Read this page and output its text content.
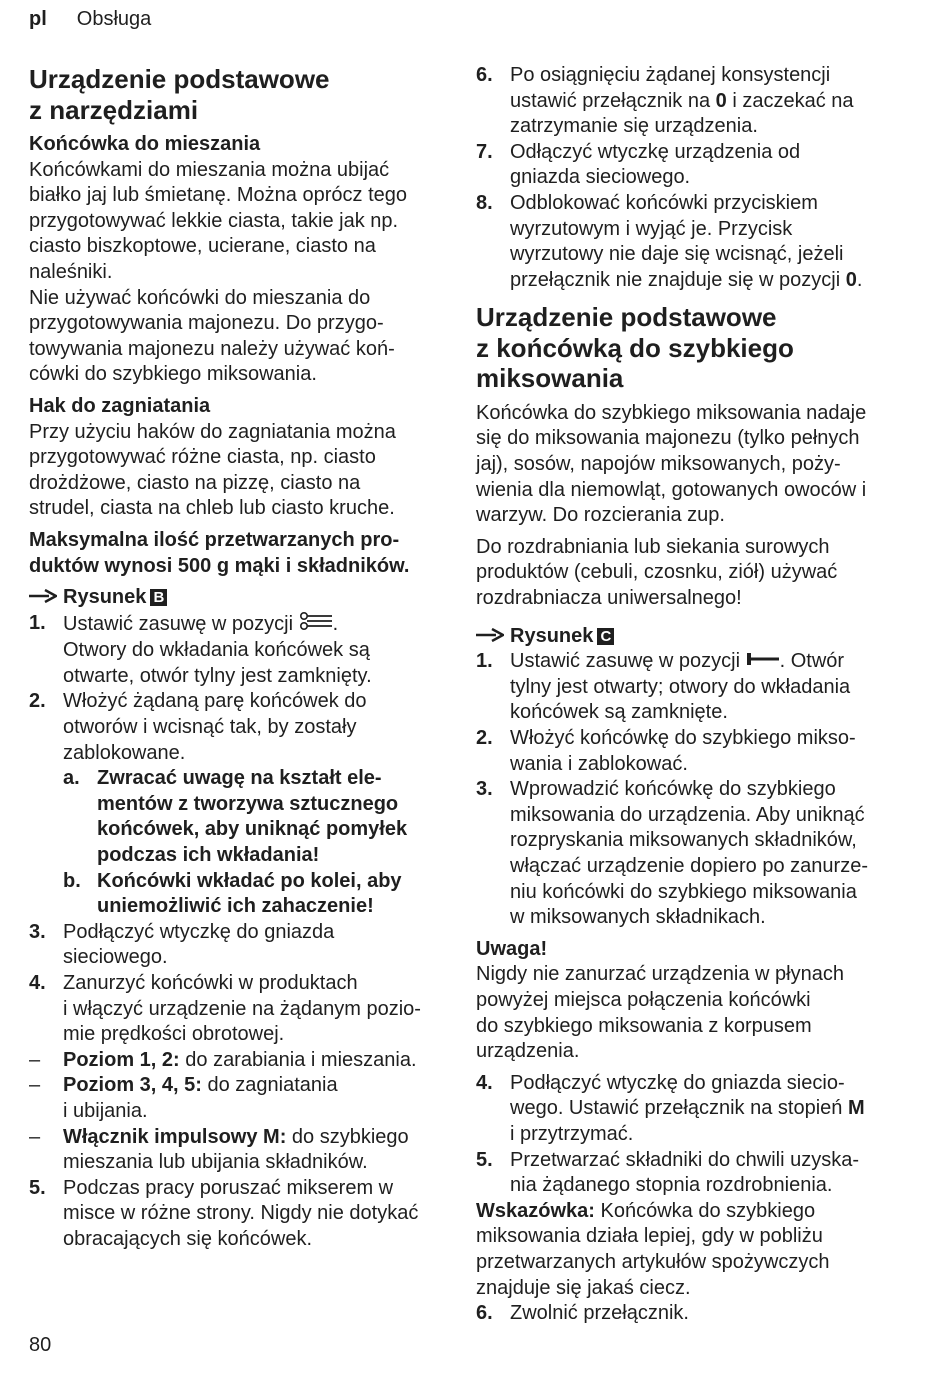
pl Obsługa
Urządzenie podstawowe
z narzędziami
Końcówka do mieszania

Końcówkami do mieszania można ubijać
białko jaj lub śmietanę. Można oprócz tego
przygotowywać lekkie ciasta, takie jak np.
ciasto biszkoptowe, ucierane, ciasto na
naleśniki.

Nie używać końcówki do mieszania do
przygotowywania majonezu. Do przygo-
towywania majonezu należy używać koń-
cówki do szybkiego miksowania.

Hak do zagniatania

Przy użyciu haków do zagniatania można
przygotowywać różne ciasta, np. ciasto
drożdżowe, ciasto na pizzę, ciasto na
strudel, ciasta na chleb lub ciasto kruche.

Maksymalna ilość przetwarzanych pro-
duktów wynosi 500 g mąki i składników.

Rysunek B
1. Ustawić zasuwę w pozycji .
Otwory do wkładania końcówek są
otwarte, otwór tylny jest zamknięty.
2. Włożyć żądaną parę końcówek do
otworów i wcisnąć tak, by zostały
zablokowane.
a. Zwracać uwagę na kształt ele-
mentów z tworzywa sztucznego
końcówek, aby uniknąć pomyłek
podczas ich wkładania!
b. Końcówki wkładać po kolei, aby
uniemożliwić ich zahaczenie!
3. Podłączyć wtyczkę do gniazda
sieciowego.
4. Zanurzyć końcówki w produktach
i włączyć urządzenie na żądanym pozio-
mie prędkości obrotowej.
–	Poziom 1, 2: do zarabiania i mieszania.
–	Poziom 3, 4, 5: do zagniatania
i ubijania.
–	Włącznik impulsowy M: do szybkiego
mieszania lub ubijania składników.
5. Podczas pracy poruszać mikserem w
misce w różne strony. Nigdy nie dotykać
obracających się końcówek.
6. Po osiągnięciu żądanej konsystencji
ustawić przełącznik na 0 i zaczekać na
zatrzymanie się urządzenia.
7. Odłączyć wtyczkę urządzenia od
gniazda sieciowego.
8. Odblokować końcówki przyciskiem
wyrzutowym i wyjąć je. Przycisk
wyrzutowy nie daje się wcisnąć, jeżeli
przełącznik nie znajduje się w pozycji 0.
Urządzenie podstawowe
z końcówką do szybkiego
miksowania

Końcówka do szybkiego miksowania nadaje
się do miksowania majonezu (tylko pełnych
jaj), sosów, napojów miksowanych, poży-
wienia dla niemowląt, gotowanych owoców i
warzyw. Do rozcierania zup.

Do rozdrabniania lub siekania surowych
produktów (cebuli, czosnku, ziół) używać
rozdrabniacza uniwersalnego!

Rysunek C
1. Ustawić zasuwę w pozycji . Otwór
tylny jest otwarty; otwory do wkładania
końcówek są zamknięte.
2. Włożyć końcówkę do szybkiego mikso-
wania i zablokować.
3. Wprowadzić końcówkę do szybkiego
miksowania do urządzenia. Aby uniknąć
rozpryskania miksowanych składników,
włączać urządzenie dopiero po zanurze-
niu końcówki do szybkiego miksowania
w miksowanych składnikach.
Uwaga!

Nigdy nie zanurzać urządzenia w płynach
powyżej miejsca połączenia końcówki
do szybkiego miksowania z korpusem
urządzenia.

4. Podłączyć wtyczkę do gniazda siecio-
wego. Ustawić przełącznik na stopień M
i przytrzymać.
5. Przetwarzać składniki do chwili uzyska-
nia żądanego stopnia rozdrobnienia.

Wskazówka: Końcówka do szybkiego
miksowania działa lepiej, gdy w pobliżu
przetwarzanych artykułów spożywczych
znajduje się jakaś ciecz.

6. Zwolnić przełącznik.
80
